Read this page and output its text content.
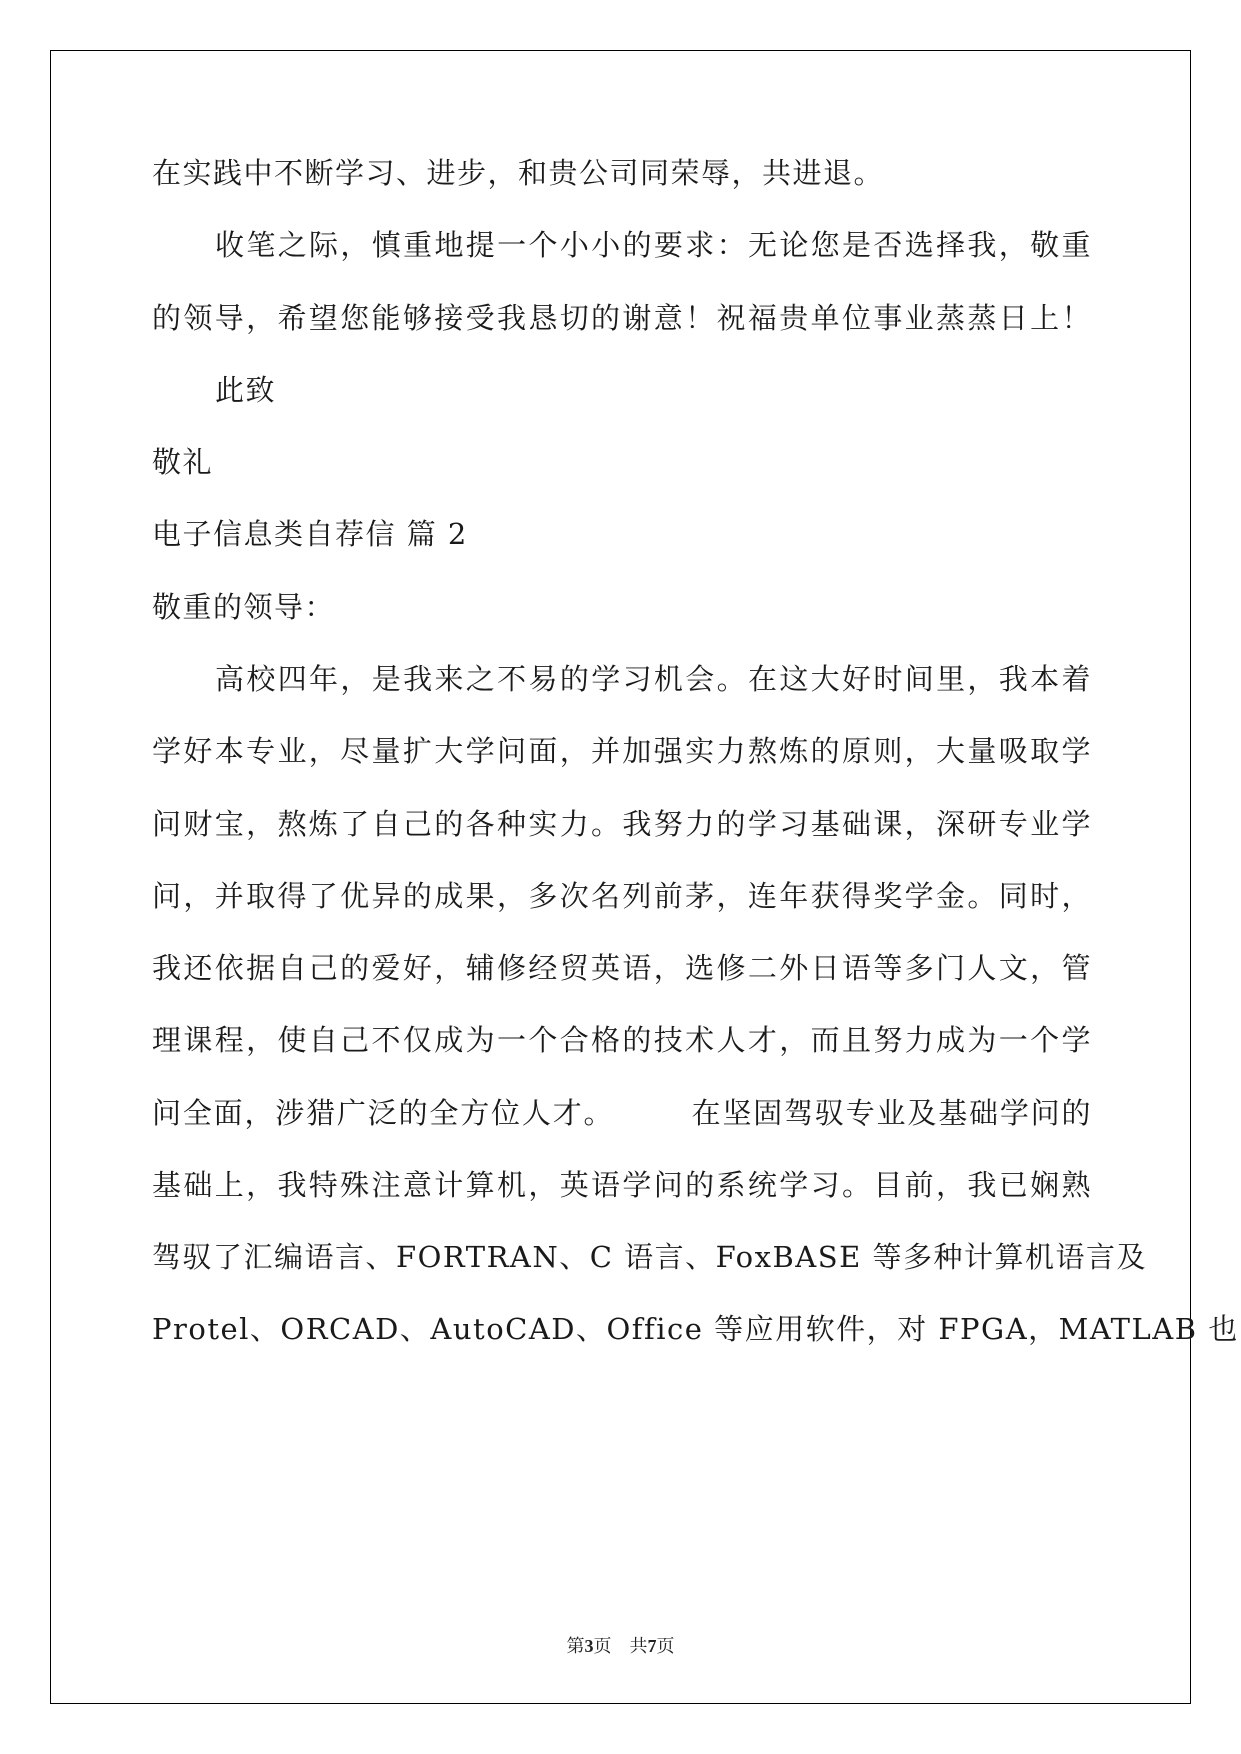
在实践中不断学习、进步，和贵公司同荣辱，共进退。
收笔之际，慎重地提一个小小的要求：无论您是否选择我，敬重
的领导，希望您能够接受我恳切的谢意！祝福贵单位事业蒸蒸日上！
此致
敬礼
电子信息类自荐信 篇 2
敬重的领导：
高校四年，是我来之不易的学习机会。在这大好时间里，我本着
学好本专业，尽量扩大学问面，并加强实力熬炼的原则，大量吸取学
问财宝，熬炼了自己的各种实力。我努力的学习基础课，深研专业学
问，并取得了优异的成果，多次名列前茅，连年获得奖学金。同时，
我还依据自己的爱好，辅修经贸英语，选修二外日语等多门人文，管
理课程，使自己不仅成为一个合格的技术人才，而且努力成为一个学
问全面，涉猎广泛的全方位人才。       在坚固驾驭专业及基础学问的
基础上，我特殊注意计算机，英语学问的系统学习。目前，我已娴熟
驾驭了汇编语言、FORTRAN、C 语言、FoxBASE 等多种计算机语言及
Protel、ORCAD、AutoCAD、Office 等应用软件，对 FPGA，MATLAB 也
第3页　共7页
